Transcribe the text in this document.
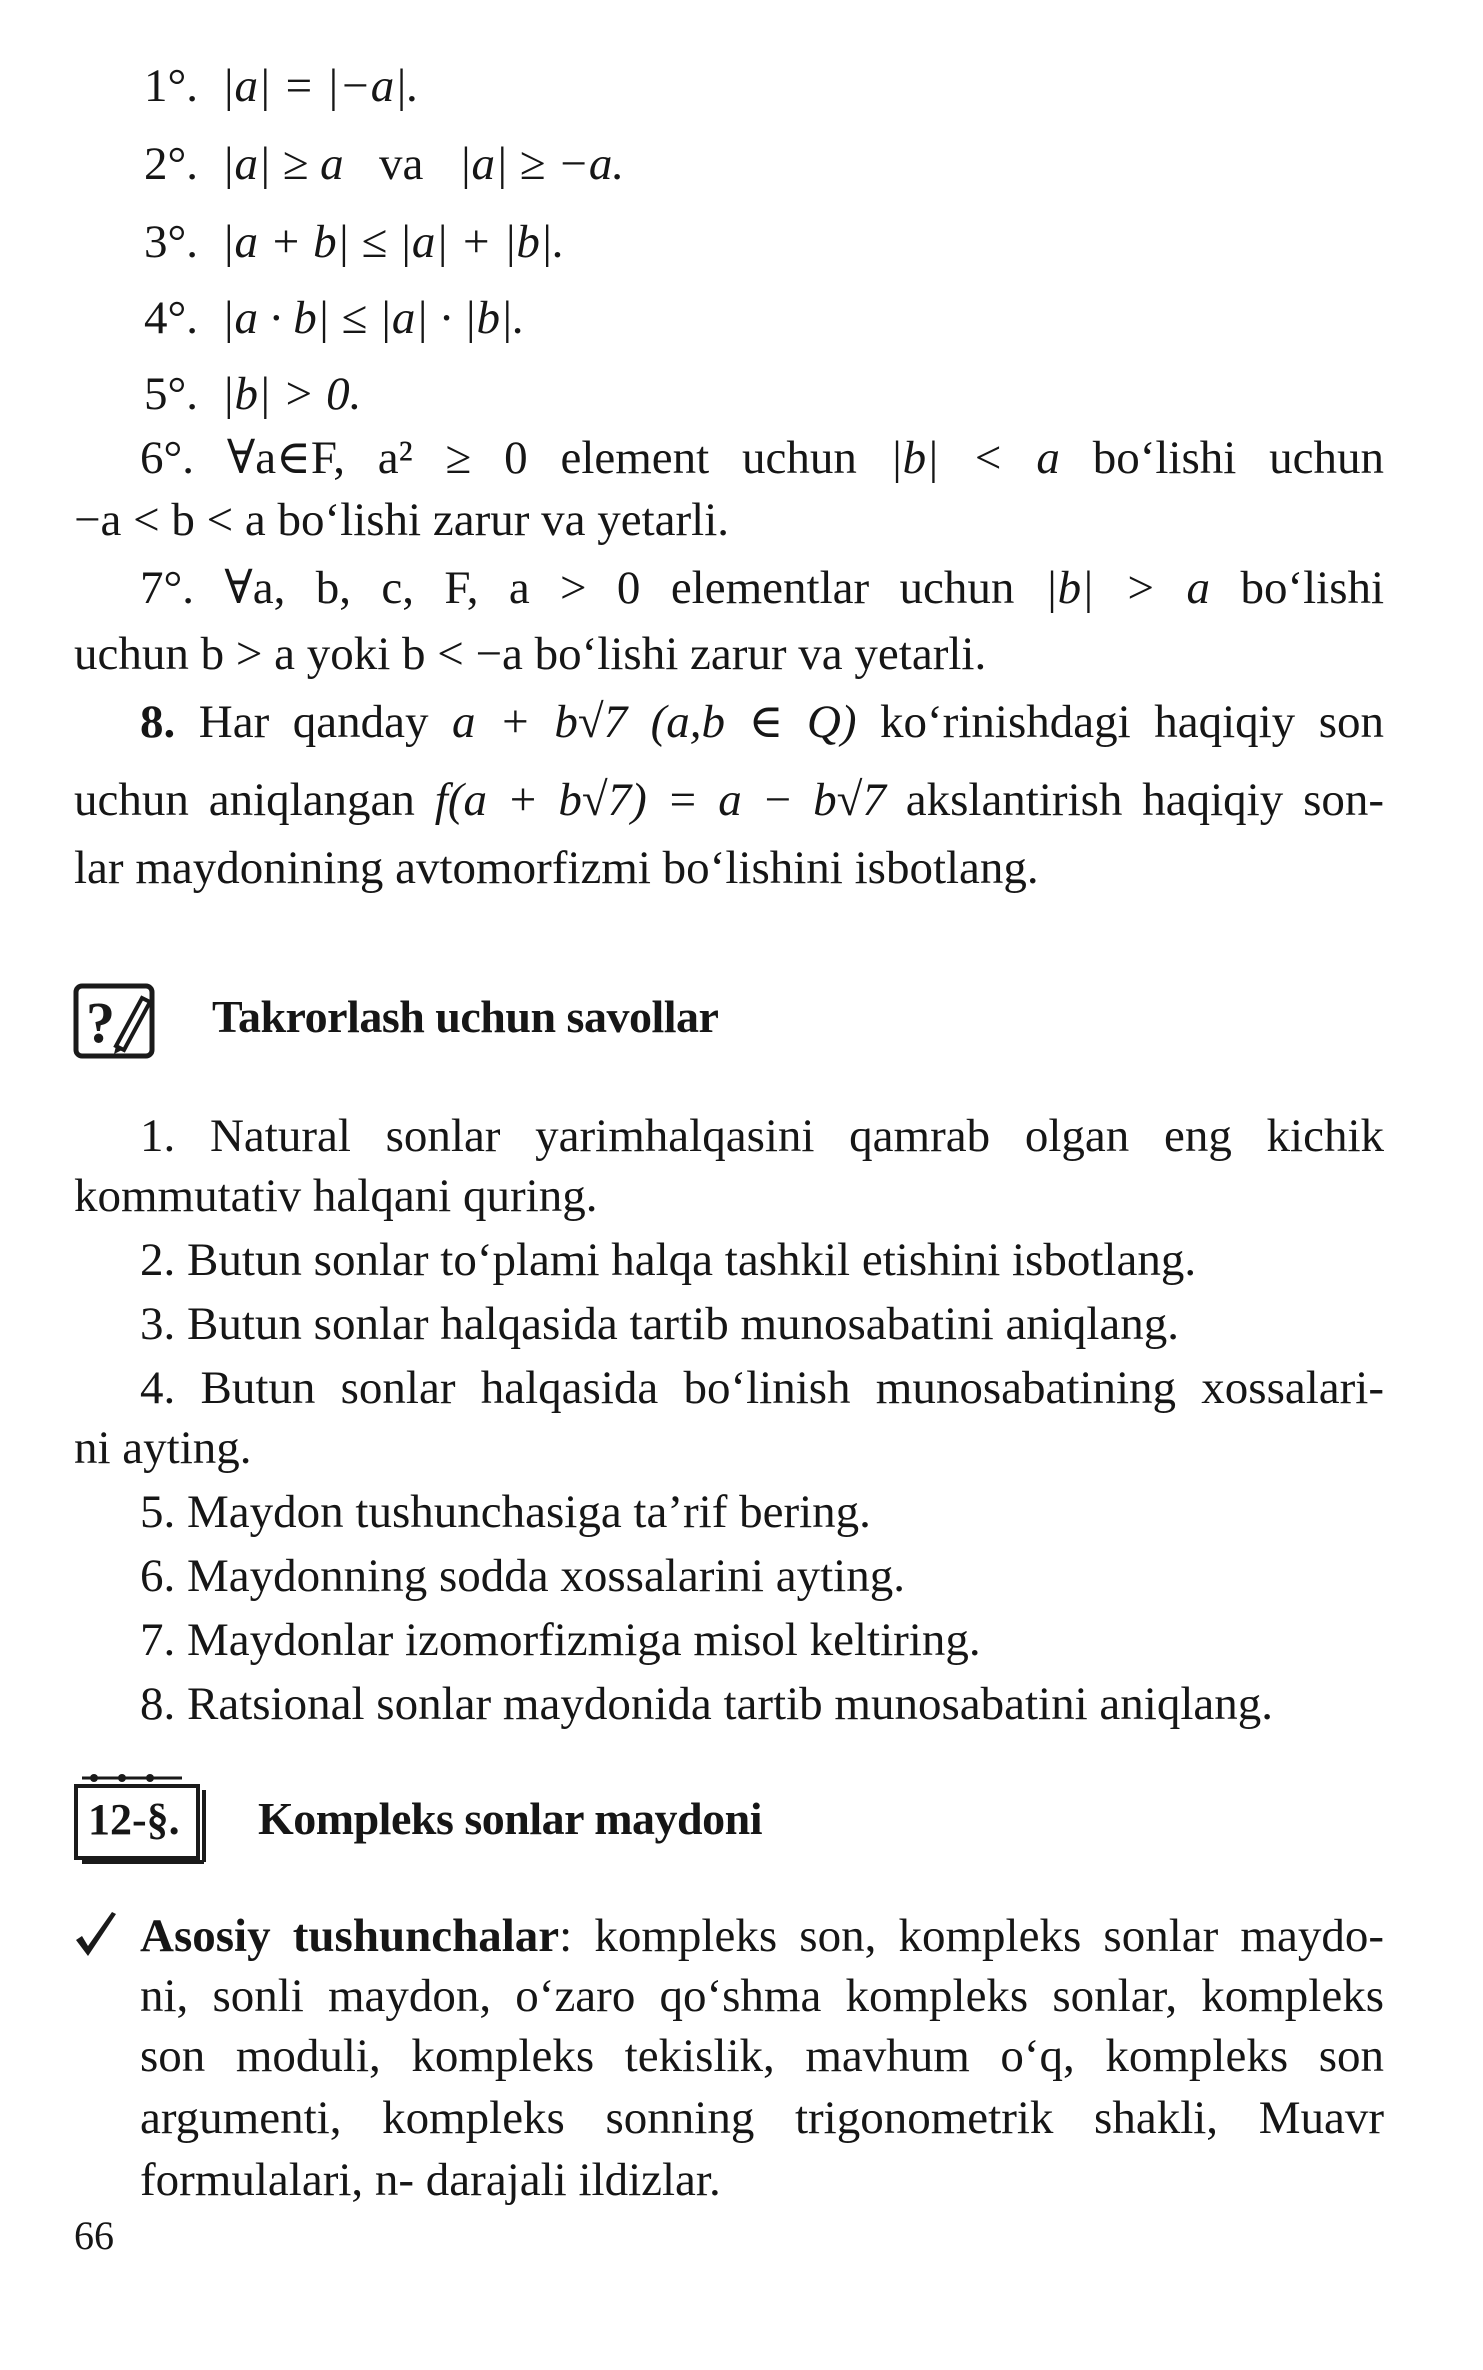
1°. |a| = |−a|.
2°. |a| ≥ a va |a| ≥ −a.
3°. |a + b| ≤ |a| + |b|.
4°. |a · b| ≤ |a| · |b|.
5°. |b| > 0.
6°. ∀a∈F, a² ≥ 0 element uchun |b| < a bo‘lishi uchun
−a < b < a bo‘lishi zarur va yetarli.
7°. ∀a, b, c, F, a > 0 elementlar uchun |b| > a bo‘lishi
uchun b > a yoki b < −a bo‘lishi zarur va yetarli.
8. Har qanday a + b√7 (a,b ∈ Q) ko‘rinishdagi haqiqiy son
uchun aniqlangan f(a + b√7) = a − b√7 akslantirish haqiqiy son-
lar maydonining avtomorfizmi bo‘lishini isbotlang.
? Takrorlash uchun savollar
1. Natural sonlar yarimhalqasini qamrab olgan eng kichik
kommutativ halqani quring.
2. Butun sonlar to‘plami halqa tashkil etishini isbotlang.
3. Butun sonlar halqasida tartib munosabatini aniqlang.
4. Butun sonlar halqasida bo‘linish munosabatining xossalari-
ni ayting.
5. Maydon tushunchasiga ta’rif bering.
6. Maydonning sodda xossalarini ayting.
7. Maydonlar izomorfizmiga misol keltiring.
8. Ratsional sonlar maydonida tartib munosabatini aniqlang.
12-§. Kompleks sonlar maydoni
Asosiy tushunchalar: kompleks son, kompleks sonlar maydo-
ni, sonli maydon, o‘zaro qo‘shma kompleks sonlar, kompleks
son moduli, kompleks tekislik, mavhum o‘q, kompleks son
argumenti, kompleks sonning trigonometrik shakli, Muavr
formulalari, n- darajali ildizlar.
66
